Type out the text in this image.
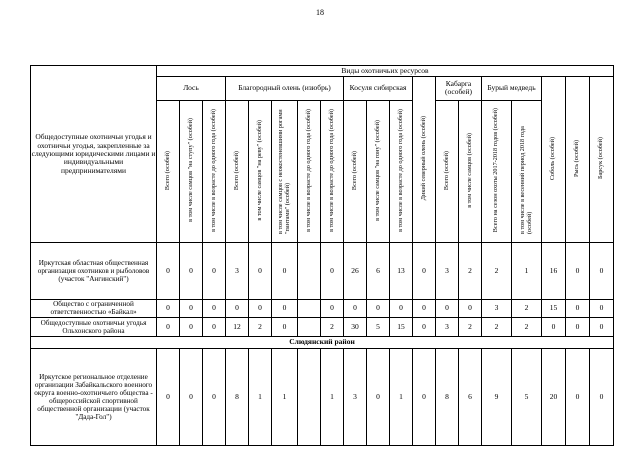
18
Общедоступные охотничьи угодья и охотничьи угодья, закрепленные за следующими юридическими лицами и индивидуальными предпринимателями	Виды охотничьих ресурсов																		
	Лось			Благородный олень (изюбрь)					Косуля сибирская			Дикий северный олень (особей)	Кабарга (особей)		Бурый медведь		Соболь (особей)	Рысь (особей)	Барсук (особей)
	Всего (особей)	в том числе самцов "на ступу" (особей)	в том числе в возрасте до одного года (особей)	Всего (особей)	в том числе самцов "на реву" (особей)	в том числе самцов с неокостеневшими рогами "пантами" (особей)	в том числе в возрасте до одного года (особей)	в том числе в возрасте до одного года (особей)	Всего (особей)	в том числе самцов "на гону" (особей)	в том числе в возрасте до одного года (особей)		Всего (особей)	в том числе самцов (особей)	Всего на сезон охоты 2017-2018 годов (особей)	в том числе в весенний период 2018 года (особей)			
Иркутская областная общественная организация охотников и рыболовов (участок "Ангинский")	0	0	0	3	0	0		0	26	6	13	0	3	2	2	1	16	0	0
Общество с ограниченной ответственностью «Байкал»	0	0	0	0	0	0		0	0	0	0	0	0	0	3	2	15	0	0
Общедоступные охотничьи угодья Ольхонского района	0	0	0	12	2	0		2	30	5	15	0	3	2	2	2	0	0	0
Слюдянский район																			
Иркутское региональное отделение организации Забайкальского военного округа военно-охотничьего общества - общероссийской спортивной общественной организации (участок "Дада-Гол")	0	0	0	8	1	1		1	3	0	1	0	8	6	9	5	20	0	0
